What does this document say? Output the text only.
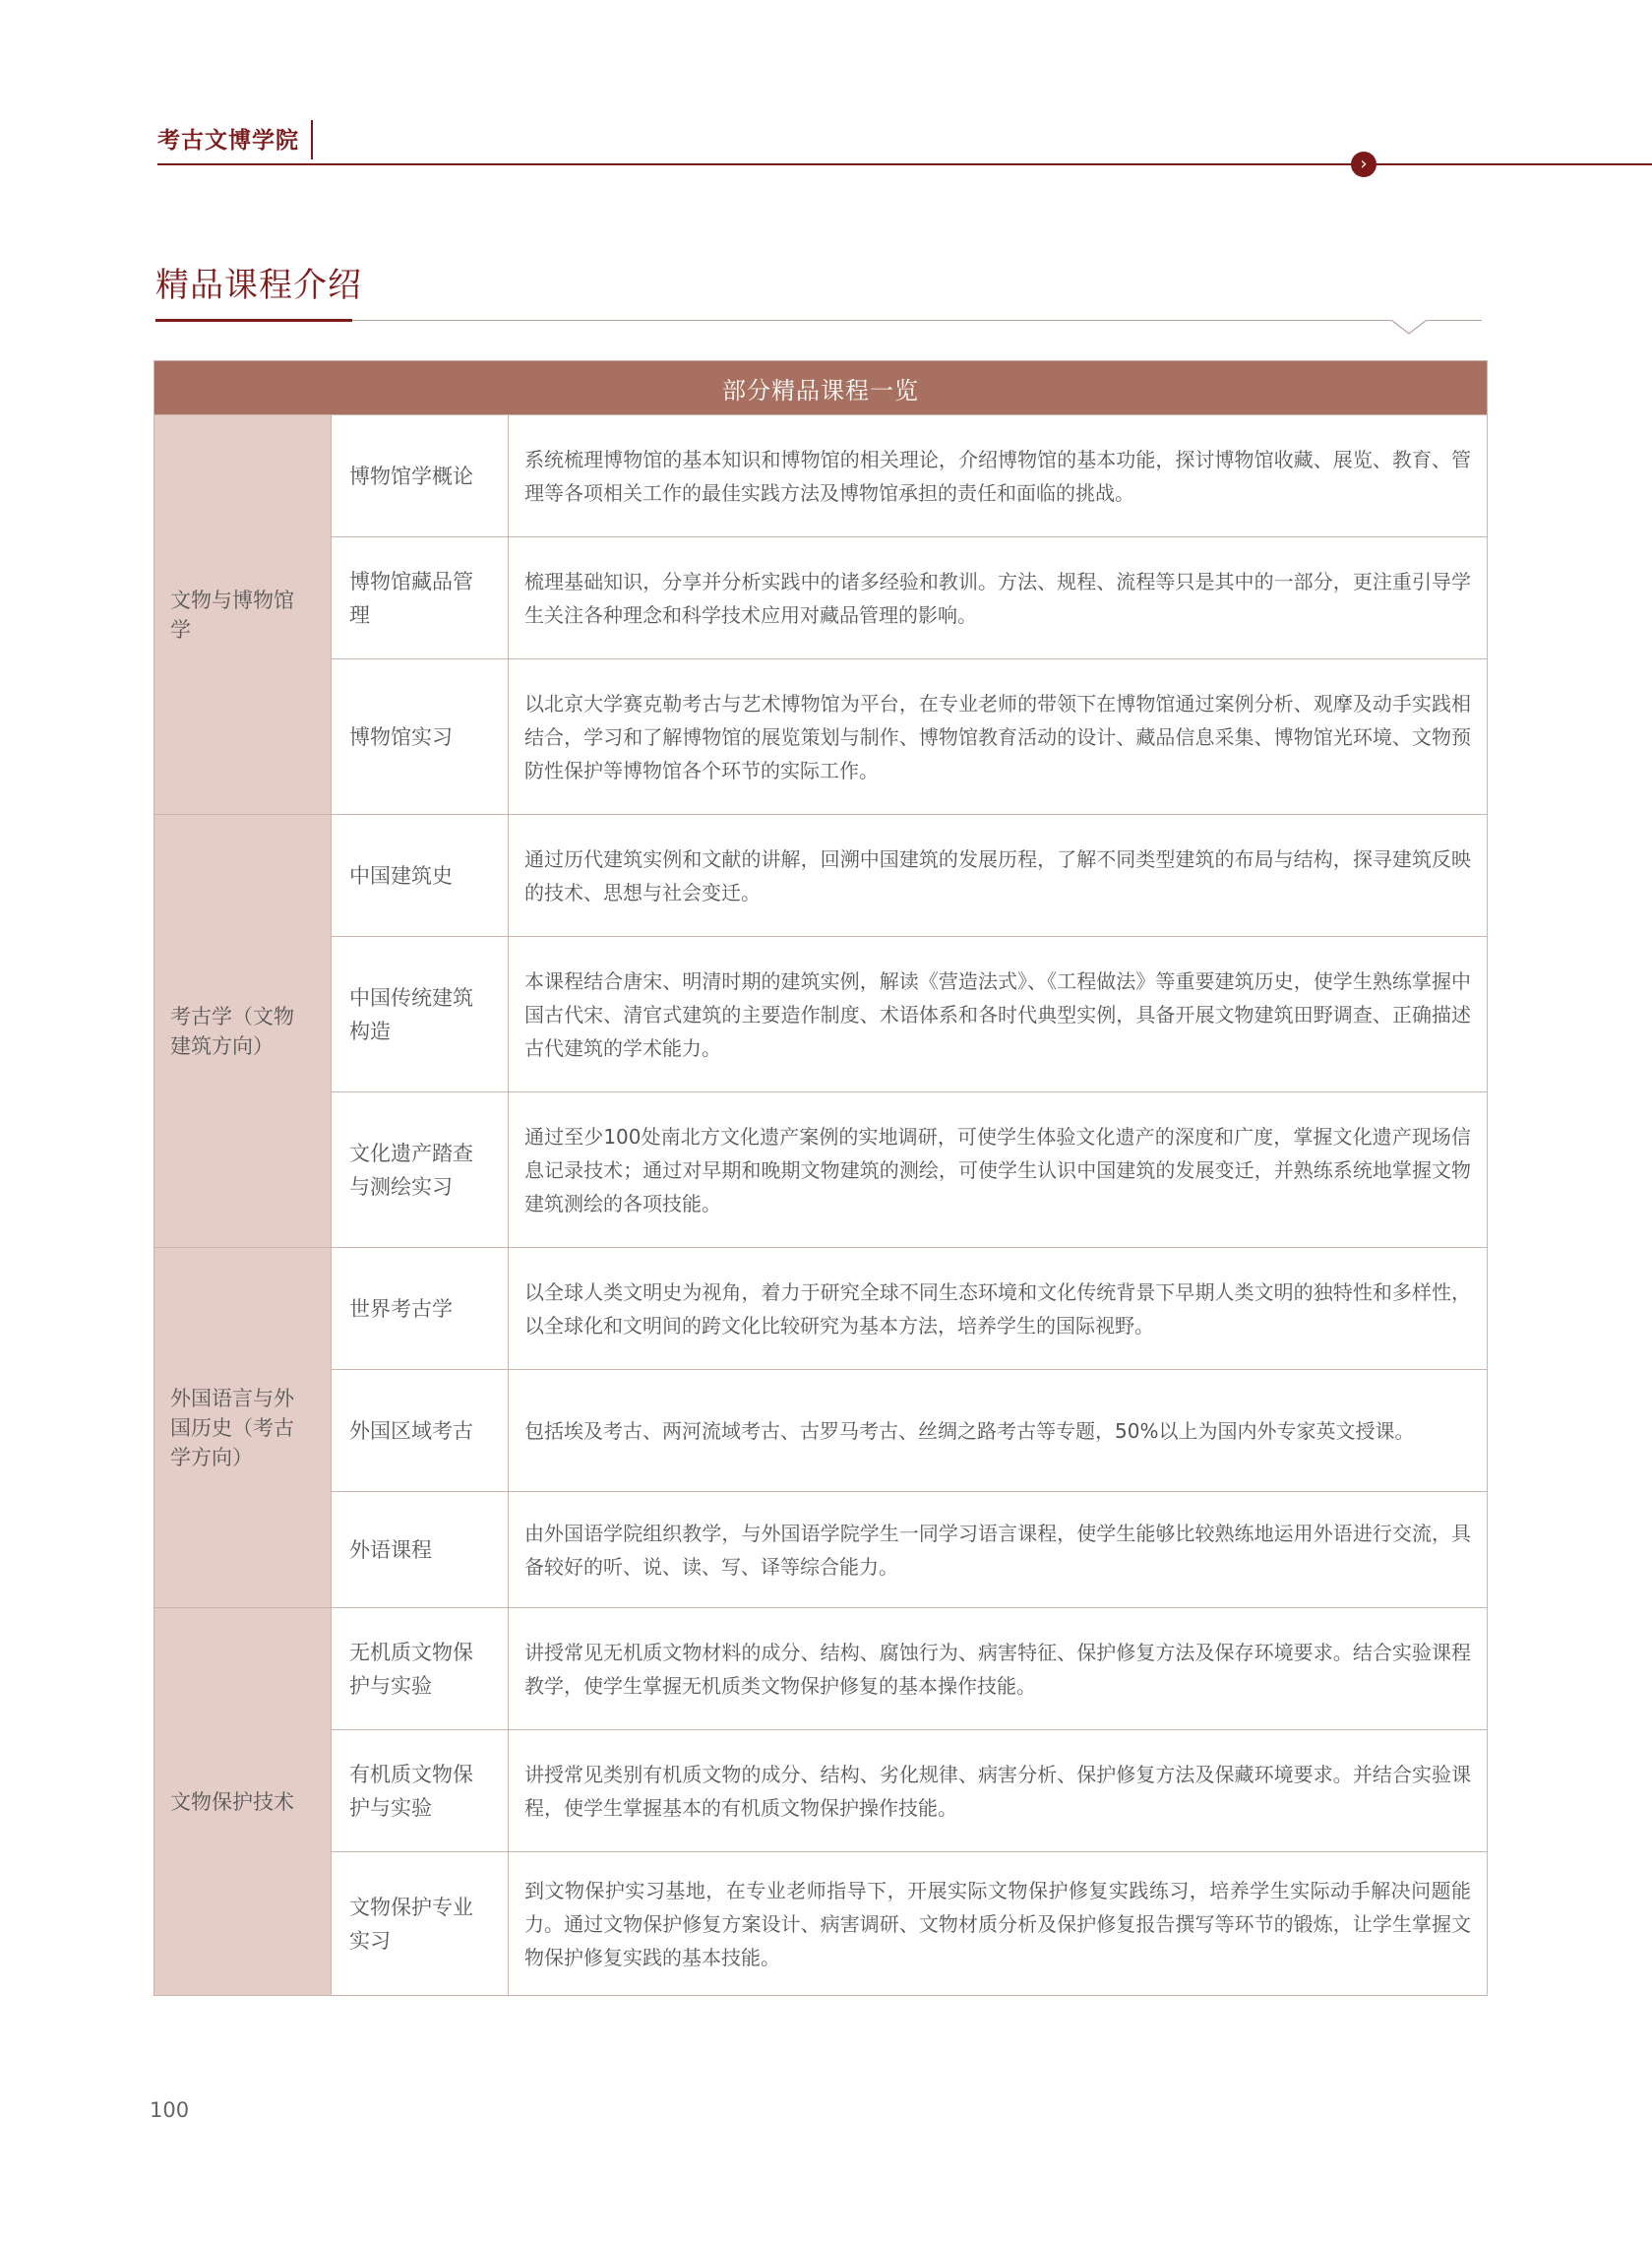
考古文博学院
›
精品课程介绍
部分精品课程一览		
文物与博物馆学	博物馆学概论	系统梳理博物馆的基本知识和博物馆的相关理论，介绍博物馆的基本功能，探讨博物馆收藏、展览、教育、管理等各项相关工作的最佳实践方法及博物馆承担的责任和面临的挑战。
	博物馆藏品管理	梳理基础知识，分享并分析实践中的诸多经验和教训。方法、规程、流程等只是其中的一部分，更注重引导学生关注各种理念和科学技术应用对藏品管理的影响。
	博物馆实习	以北京大学赛克勒考古与艺术博物馆为平台，在专业老师的带领下在博物馆通过案例分析、观摩及动手实践相结合，学习和了解博物馆的展览策划与制作、博物馆教育活动的设计、藏品信息采集、博物馆光环境、文物预防性保护等博物馆各个环节的实际工作。
考古学（文物建筑方向）	中国建筑史	通过历代建筑实例和文献的讲解，回溯中国建筑的发展历程，了解不同类型建筑的布局与结构，探寻建筑反映的技术、思想与社会变迁。
	中国传统建筑构造	本课程结合唐宋、明清时期的建筑实例，解读《营造法式》、《工程做法》等重要建筑历史，使学生熟练掌握中国古代宋、清官式建筑的主要造作制度、术语体系和各时代典型实例，具备开展文物建筑田野调查、正确描述古代建筑的学术能力。
	文化遗产踏查与测绘实习	通过至少100处南北方文化遗产案例的实地调研，可使学生体验文化遗产的深度和广度，掌握文化遗产现场信息记录技术；通过对早期和晚期文物建筑的测绘，可使学生认识中国建筑的发展变迁，并熟练系统地掌握文物建筑测绘的各项技能。
外国语言与外国历史（考古学方向）	世界考古学	以全球人类文明史为视角，着力于研究全球不同生态环境和文化传统背景下早期人类文明的独特性和多样性，以全球化和文明间的跨文化比较研究为基本方法，培养学生的国际视野。
	外国区域考古	包括埃及考古、两河流域考古、古罗马考古、丝绸之路考古等专题，50%以上为国内外专家英文授课。
	外语课程	由外国语学院组织教学，与外国语学院学生一同学习语言课程，使学生能够比较熟练地运用外语进行交流，具备较好的听、说、读、写、译等综合能力。
文物保护技术	无机质文物保护与实验	讲授常见无机质文物材料的成分、结构、腐蚀行为、病害特征、保护修复方法及保存环境要求。结合实验课程教学，使学生掌握无机质类文物保护修复的基本操作技能。
	有机质文物保护与实验	讲授常见类别有机质文物的成分、结构、劣化规律、病害分析、保护修复方法及保藏环境要求。并结合实验课程，使学生掌握基本的有机质文物保护操作技能。
	文物保护专业实习	到文物保护实习基地，在专业老师指导下，开展实际文物保护修复实践练习，培养学生实际动手解决问题能力。通过文物保护修复方案设计、病害调研、文物材质分析及保护修复报告撰写等环节的锻炼，让学生掌握文物保护修复实践的基本技能。
100
